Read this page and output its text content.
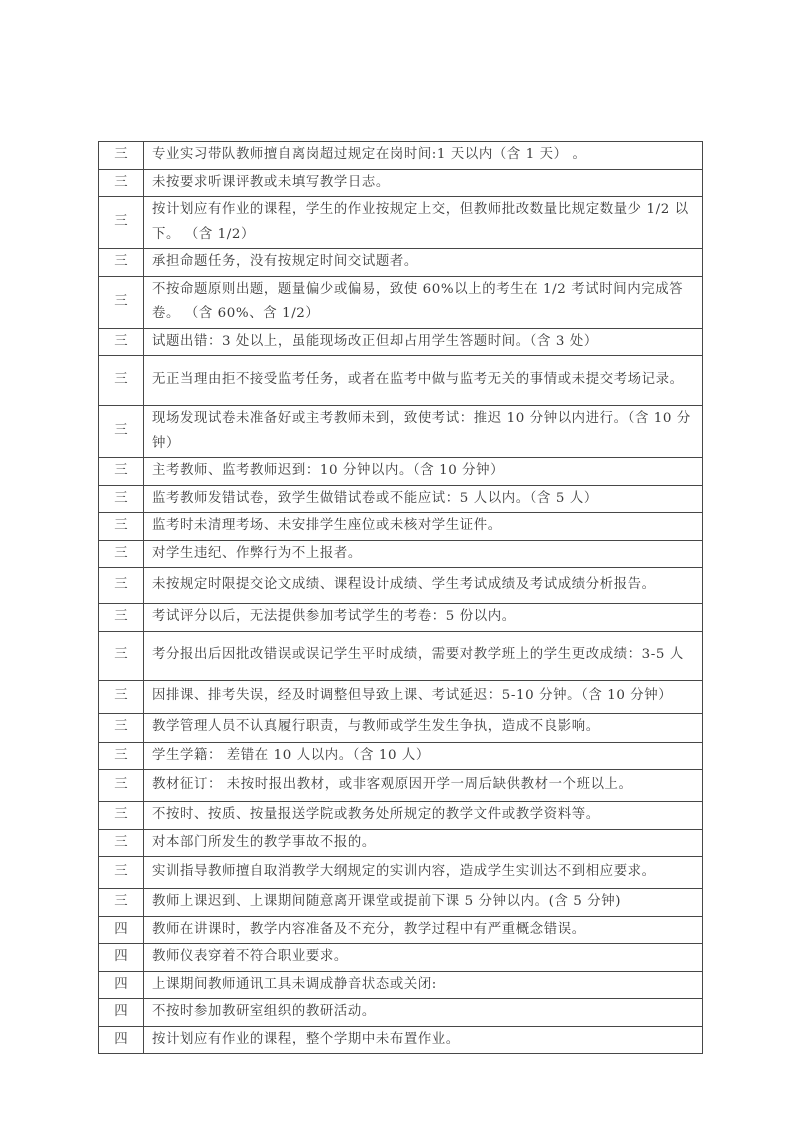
三	专业实习带队教师擅自离岗超过规定在岗时间:1 天以内（含 1 天） 。
三	未按要求听课评教或未填写教学日志。
三	按计划应有作业的课程，学生的作业按规定上交，但教师批改数量比规定数量少 1/2 以下。 （含 1/2）
三	承担命题任务，没有按规定时间交试题者。
三	不按命题原则出题，题量偏少或偏易，致使 60%以上的考生在 1/2 考试时间内完成答卷。 （含 60%、含 1/2）
三	试题出错：3 处以上，虽能现场改正但却占用学生答题时间。（含 3 处）
三	无正当理由拒不接受监考任务，或者在监考中做与监考无关的事情或未提交考场记录。
三	现场发现试卷未准备好或主考教师未到，致使考试：推迟 10 分钟以内进行。（含 10 分钟）
三	主考教师、监考教师迟到：10 分钟以内。（含 10 分钟）
三	监考教师发错试卷，致学生做错试卷或不能应试：5 人以内。（含 5 人）
三	监考时未清理考场、未安排学生座位或未核对学生证件。
三	对学生违纪、作弊行为不上报者。
三	未按规定时限提交论文成绩、课程设计成绩、学生考试成绩及考试成绩分析报告。
三	考试评分以后，无法提供参加考试学生的考卷：5 份以内。
三	考分报出后因批改错误或误记学生平时成绩，需要对教学班上的学生更改成绩：3-5 人
三	因排课、排考失误，经及时调整但导致上课、考试延迟：5-10 分钟。（含 10 分钟）
三	教学管理人员不认真履行职责，与教师或学生发生争执，造成不良影响。
三	学生学籍： 差错在 10 人以内。（含 10 人）
三	教材征订： 未按时报出教材，或非客观原因开学一周后缺供教材一个班以上。
三	不按时、按质、按量报送学院或教务处所规定的教学文件或教学资料等。
三	对本部门所发生的教学事故不报的。
三	实训指导教师擅自取消教学大纲规定的实训内容，造成学生实训达不到相应要求。
三	教师上课迟到、上课期间随意离开课堂或提前下课 5 分钟以内。(含 5 分钟)
四	教师在讲课时，教学内容准备及不充分，教学过程中有严重概念错误。
四	教师仪表穿着不符合职业要求。
四	上课期间教师通讯工具未调成静音状态或关闭:
四	不按时参加教研室组织的教研活动。
四	按计划应有作业的课程，整个学期中未布置作业。
